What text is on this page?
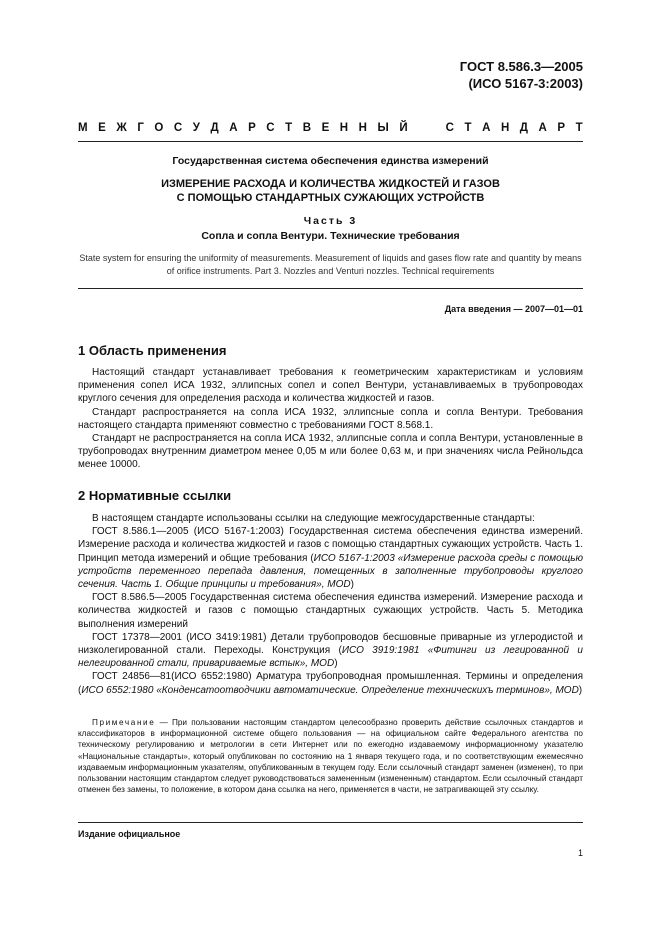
ГОСТ 8.586.3—2005
(ИСО 5167-3:2003)
М Е Ж Г О С У Д А Р С Т В Е Н Н Ы Й

	С Т А Н Д А Р Т
Государственная система обеспечения единства измерений
ИЗМЕРЕНИЕ РАСХОДА И КОЛИЧЕСТВА ЖИДКОСТЕЙ И ГАЗОВ
С ПОМОЩЬЮ СТАНДАРТНЫХ СУЖАЮЩИХ УСТРОЙСТВ
Часть 3
Сопла и сопла Вентури. Технические требования
State system for ensuring the uniformity of measurements. Measurement of liquids and gases flow rate and quantity by means of orifice instruments. Part 3. Nozzles and Venturi nozzles. Technical requirements
Дата введения — 2007—01—01
1 Область применения

Настоящий стандарт устанавливает требования к геометрическим характеристикам и условиям применения сопел ИСА 1932, эллипсных сопел и сопел Вентури, устанавливаемых в трубопроводах круглого сечения для определения расхода и количества жидкостей и газов.

Стандарт распространяется на сопла ИСА 1932, эллипсные сопла и сопла Вентури. Требования настоящего стандарта применяют совместно с требованиями ГОСТ 8.568.1.

Стандарт не распространяется на сопла ИСА 1932, эллипсные сопла и сопла Вентури, установленные в трубопроводах внутренним диаметром менее 0,05 м или более 0,63 м, и при значениях числа Рейнольдса менее 10000.

2 Нормативные ссылки

В настоящем стандарте использованы ссылки на следующие межгосударственные стандарты:

ГОСТ 8.586.1—2005 (ИСО 5167-1:2003) Государственная система обеспечения единства измерений. Измерение расхода и количества жидкостей и газов с помощью стандартных сужающих устройств. Часть 1. Принцип метода измерений и общие требования (ИСО 5167-1:2003 «Измерение расхода среды с помощью устройств переменного перепада давления, помещенных в заполненные трубопроводы круглого сечения. Часть 1. Общие принципы и требования», MOD)

ГОСТ 8.586.5—2005 Государственная система обеспечения единства измерений. Измерение расхода и количества жидкостей и газов с помощью стандартных сужающих устройств. Часть 5. Методика выполнения измерений

ГОСТ 17378—2001 (ИСО 3419:1981) Детали трубопроводов бесшовные приварные из углеродистой и низколегированной стали. Переходы. Конструкция (ИСО 3919:1981 «Фитинги из легированной и нелегированной стали, привариваемые встык», MOD)

ГОСТ 24856—81(ИСО 6552:1980) Арматура трубопроводная промышленная. Термины и определения (ИСО 6552:1980 «Конденсатоотводчики автоматические. Определение техническихъ терминов», MOD)

Примечание — При пользовании настоящим стандартом целесообразно проверить действие ссылочных стандартов и классификаторов в информационной системе общего пользования — на официальном сайте Федерального агентства по техническому регулированию и метрологии в сети Интернет или по ежегодно издаваемому информационному указателю «Национальные стандарты», который опубликован по состоянию на 1 января текущего года, и по соответствующим ежемесячно издаваемым информационным указателям, опубликованным в текущем году. Если ссылочный стандарт заменен (изменен), то при пользовании настоящим стандартом следует руководствоваться замененным (измененным) стандартом. Если ссылочный стандарт отменен без замены, то положение, в котором дана ссылка на него, применяется в части, не затрагивающей эту ссылку.

Издание официальное
1
